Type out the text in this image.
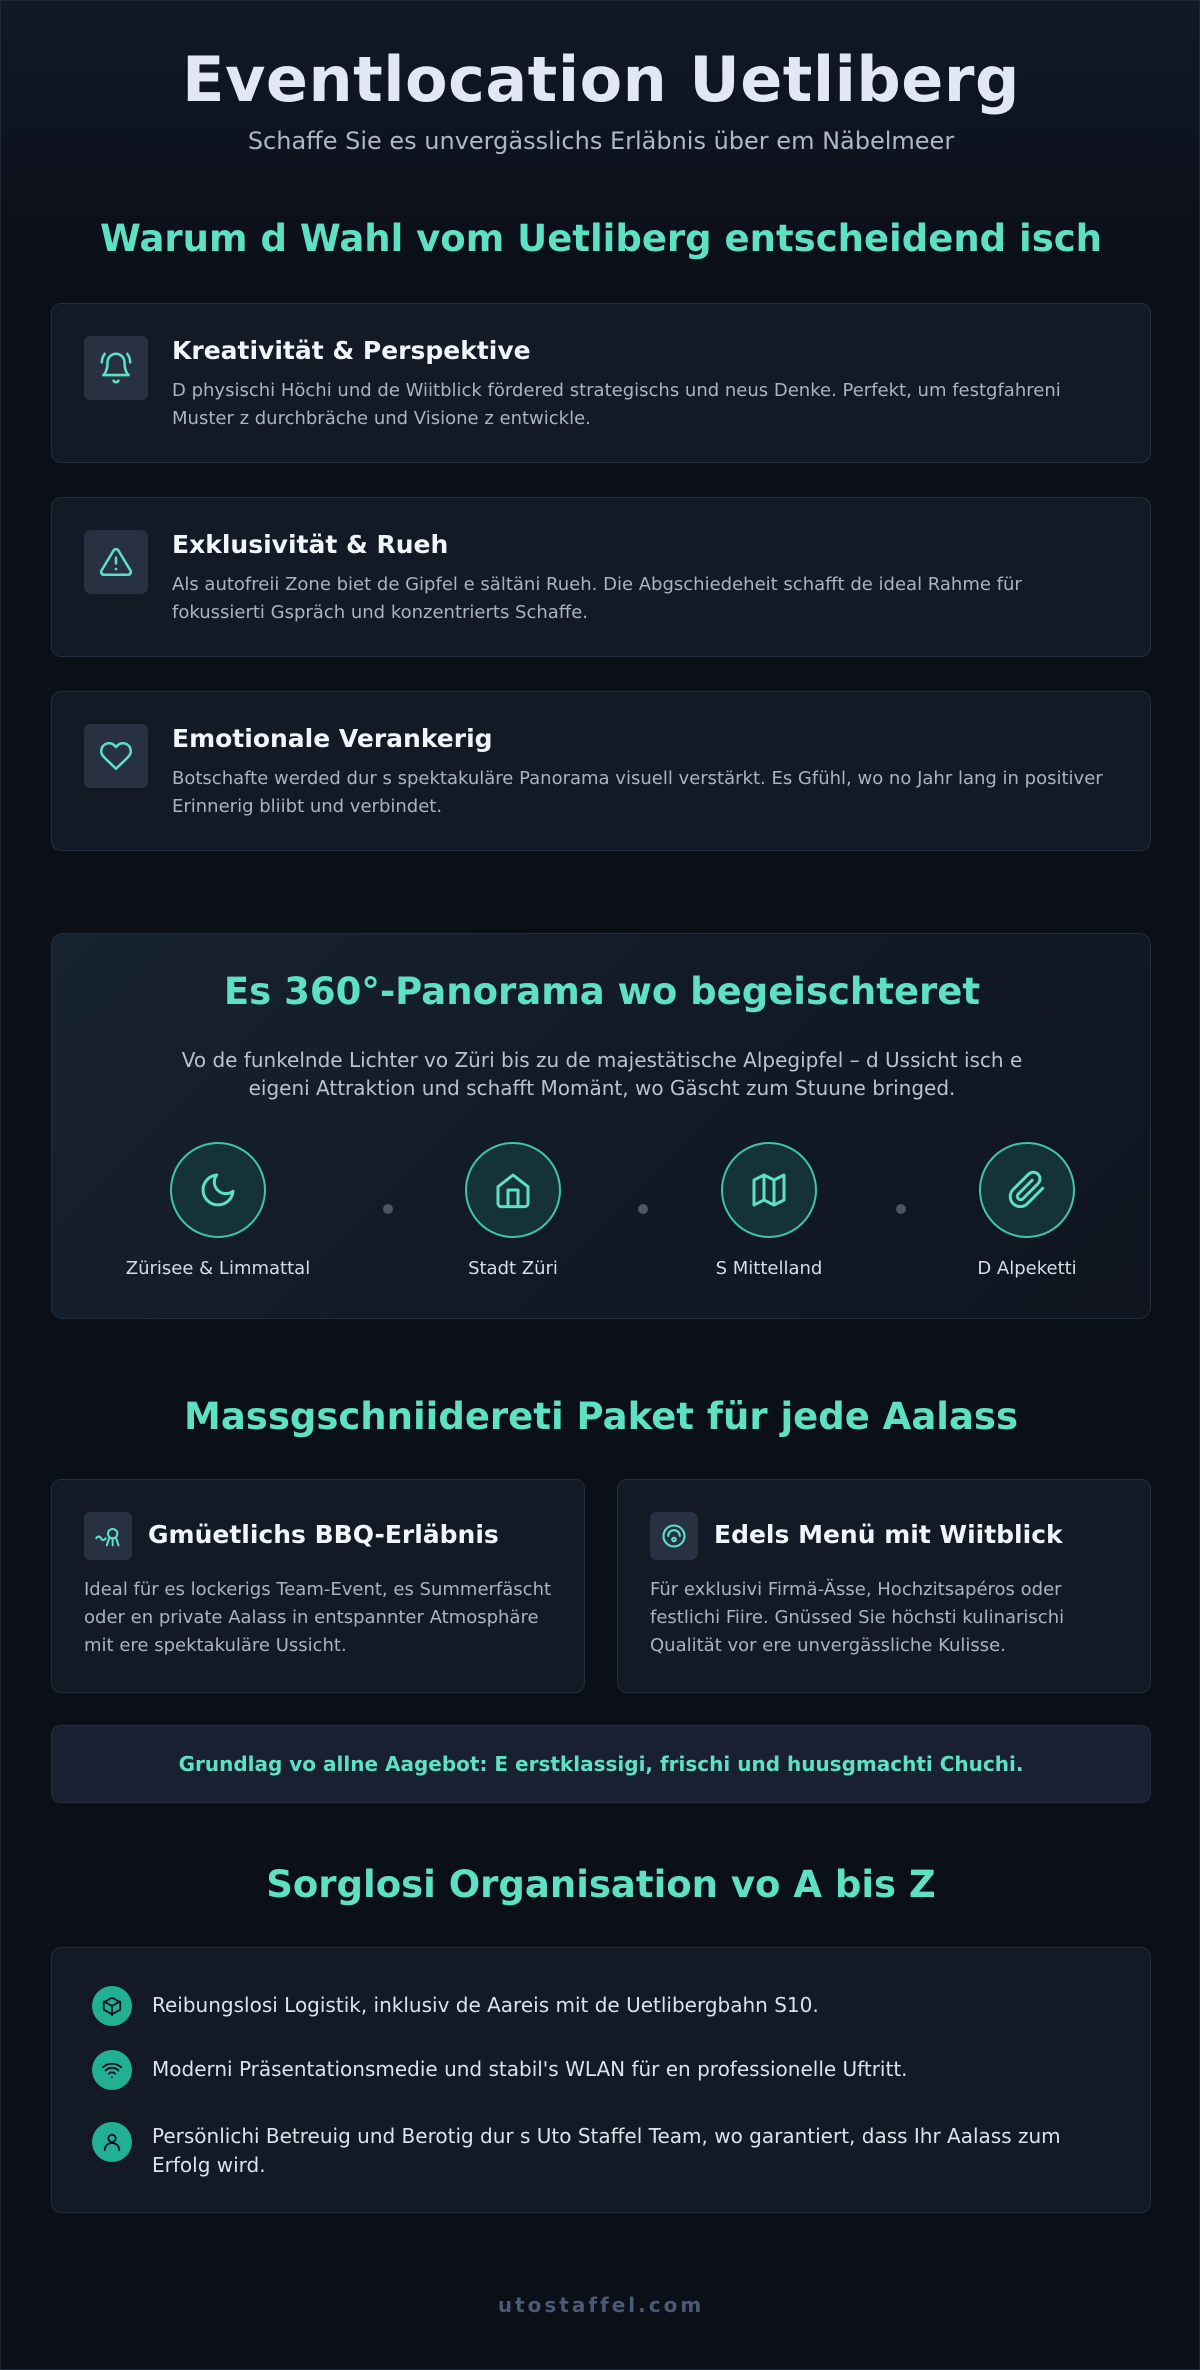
Eventlocation Uetliberg

Schaffe Sie es unvergässlichs Erläbnis über em Näbelmeer

Warum d Wahl vom Uetliberg entscheidend isch
Kreativität & Perspektive
D physischi Höchi und de Wiitblick fördered strategischs und neus Denke. Perfekt, um festgfahreni Muster z durchbräche und Visione z entwickle.
Exklusivität & Rueh
Als autofreii Zone biet de Gipfel e sältäni Rueh. Die Abgschiedeheit schafft de ideal Rahme für fokussierti Gspräch und konzentrierts Schaffe.
Emotionale Verankerig
Botschafte werded dur s spektakuläre Panorama visuell verstärkt. Es Gfühl, wo no Jahr lang in positiver Erinnerig bliibt und verbindet.
Es 360°-Panorama wo begeischteret
Vo de funkelnde Lichter vo Züri bis zu de majestätische Alpegipfel – d Ussicht isch e eigeni Attraktion und schafft Momänt, wo Gäscht zum Stuune bringed.
Zürisee & Limmattal	Stadt Züri	S Mittelland	D Alpeketti
Massgschniidereti Paket für jede Aalass
Gmüetlichs BBQ-Erläbnis
Ideal für es lockerigs Team-Event, es Summerfäscht oder en private Aalass in entspannter Atmosphäre mit ere spektakuläre Ussicht.
Edels Menü mit Wiitblick
Für exklusivi Firmä-Ässe, Hochzitsapéros oder festlichi Fiire. Gnüssed Sie höchsti kulinarischi Qualität vor ere unvergässliche Kulisse.
Grundlag vo allne Aagebot: E erstklassigi, frischi und huusgmachti Chuchi.
Sorglosi Organisation vo A bis Z
Reibungslosi Logistik, inklusiv de Aareis mit de Uetlibergbahn S10.
Moderni Präsentationsmedie und stabil's WLAN für en professionelle Uftritt.
Persönlichi Betreuig und Berotig dur s Uto Staffel Team, wo garantiert, dass Ihr Aalass zum Erfolg wird.
utostaffel.com
